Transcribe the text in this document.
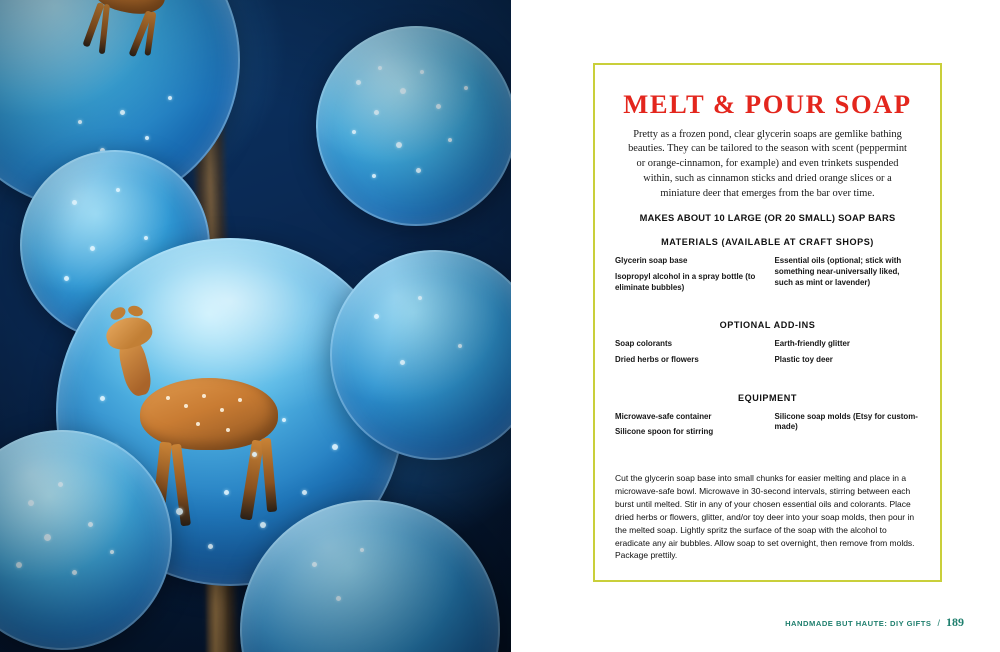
MELT & POUR SOAP

Pretty as a frozen pond, clear glycerin soaps are gemlike bathing beauties. They can be tailored to the season with scent (peppermint or orange-cinnamon, for example) and even trinkets suspended within, such as cinnamon sticks and dried orange slices or a miniature deer that emerges from the bar over time.

MAKES ABOUT 10 LARGE (OR 20 SMALL) SOAP BARS
MATERIALS (AVAILABLE AT CRAFT SHOPS)
Glycerin soap base
Isopropyl alcohol in a spray bottle (to eliminate bubbles)
Essential oils (optional; stick with something near-universally liked, such as mint or lavender)
OPTIONAL ADD-INS
Soap colorants
Dried herbs or flowers
Earth-friendly glitter
Plastic toy deer
EQUIPMENT
Microwave-safe container
Silicone spoon for stirring
Silicone soap molds (Etsy for custom-made)

Cut the glycerin soap base into small chunks for easier melting and place in a microwave-safe bowl. Microwave in 30-second intervals, stirring between each burst until melted. Stir in any of your chosen essential oils and colorants. Place dried herbs or flowers, glitter, and/or toy deer into your soap molds, then pour in the melted soap. Lightly spritz the surface of the soap with the alcohol to eradicate any air bubbles. Allow soap to set overnight, then remove from molds. Package prettily.

HANDMADE BUT HAUTE: DIY GIFTS / 189
